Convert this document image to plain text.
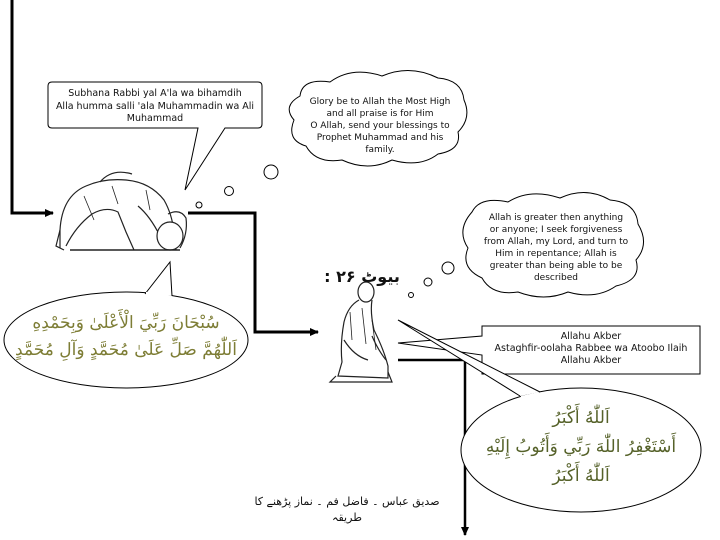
بیوٹ ۲۶ :
Subhana Rabbi yal A'la wa bihamdih
Alla humma salli 'ala Muhammadin wa Ali
Muhammad
Glory be to Allah the Most High
and all praise is for Him
O Allah, send your blessings to
Prophet Muhammad and his
family.
Allah is greater then anything
or anyone; I seek forgiveness
from Allah, my Lord, and turn to
Him in repentance; Allah is
greater than being able to be
described
Allahu Akber
Astaghfir-oolaha Rabbee wa Atoobo Ilaih
Allahu Akber
سُبْحَانَ رَبِّيَ الْأَعْلَىٰ وَبِحَمْدِهِ
اَللّٰهُمَّ صَلِّ عَلَىٰ مُحَمَّدٍ وَآلِ مُحَمَّدٍ
اَللّٰهُ أَكْبَرُ
أَسْتَغْفِرُ اللّٰهَ رَبِّي وَأَتُوبُ إِلَيْهِ
اَللّٰهُ أَكْبَرُ
صدیق عباس ۔ فاضل فم ۔ نماز پڑھنے کا
طریقہ
